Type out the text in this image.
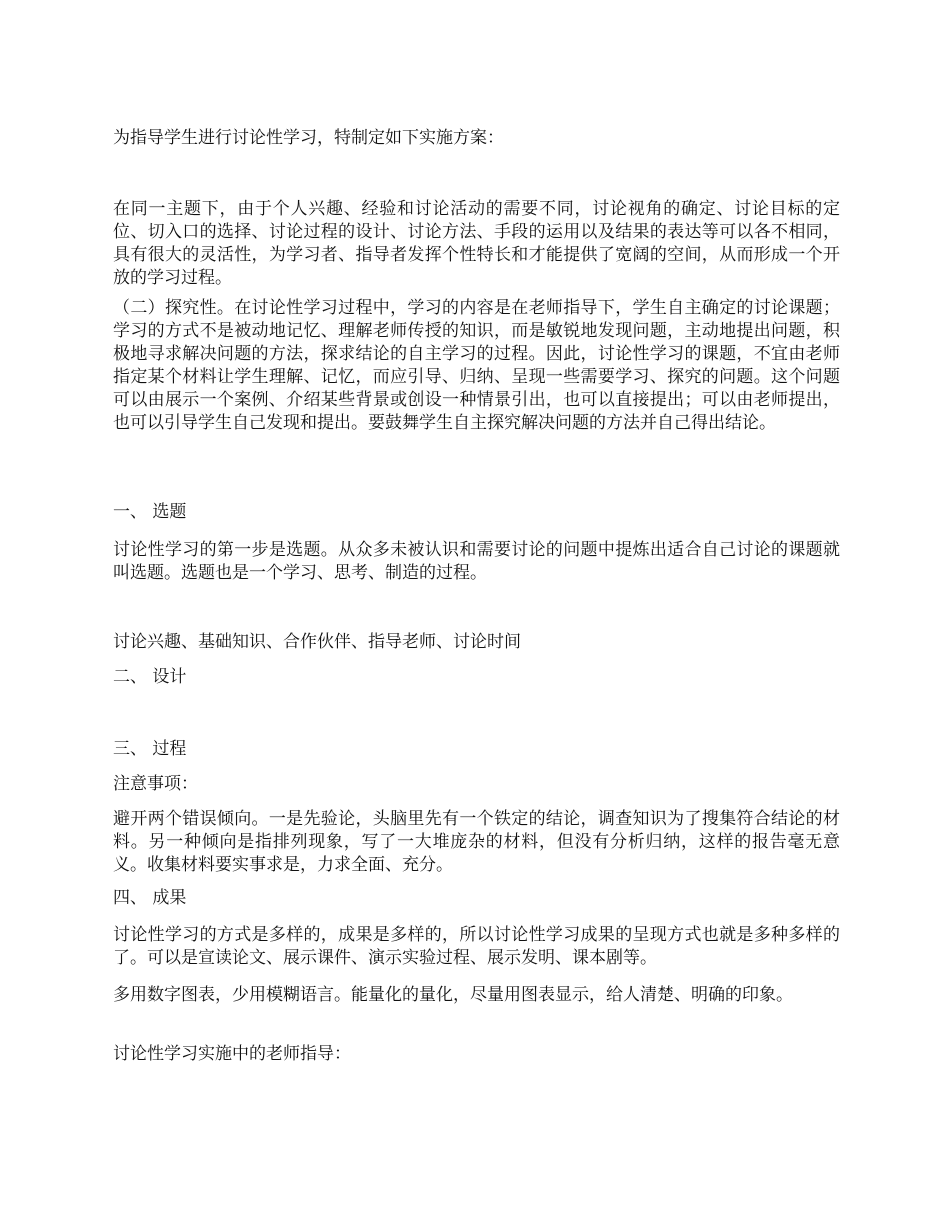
为指导学生进行讨论性学习，特制定如下实施方案：

在同一主题下，由于个人兴趣、经验和讨论活动的需要不同，讨论视角的确定、讨论目标的定位、切入口的选择、讨论过程的设计、讨论方法、手段的运用以及结果的表达等可以各不相同，具有很大的灵活性，为学习者、指导者发挥个性特长和才能提供了宽阔的空间，从而形成一个开放的学习过程。

（二）探究性。在讨论性学习过程中，学习的内容是在老师指导下，学生自主确定的讨论课题；学习的方式不是被动地记忆、理解老师传授的知识，而是敏锐地发现问题，主动地提出问题，积极地寻求解决问题的方法，探求结论的自主学习的过程。因此，讨论性学习的课题，不宜由老师指定某个材料让学生理解、记忆，而应引导、归纳、呈现一些需要学习、探究的问题。这个问题可以由展示一个案例、介绍某些背景或创设一种情景引出，也可以直接提出；可以由老师提出，也可以引导学生自己发现和提出。要鼓舞学生自主探究解决问题的方法并自己得出结论。

一、 选题

讨论性学习的第一步是选题。从众多未被认识和需要讨论的问题中提炼出适合自己讨论的课题就叫选题。选题也是一个学习、思考、制造的过程。

讨论兴趣、基础知识、合作伙伴、指导老师、讨论时间

二、 设计

三、 过程

注意事项：

避开两个错误倾向。一是先验论，头脑里先有一个铁定的结论，调查知识为了搜集符合结论的材料。另一种倾向是指排列现象，写了一大堆庞杂的材料，但没有分析归纳，这样的报告毫无意义。收集材料要实事求是，力求全面、充分。

四、 成果

讨论性学习的方式是多样的，成果是多样的，所以讨论性学习成果的呈现方式也就是多种多样的了。可以是宣读论文、展示课件、演示实验过程、展示发明、课本剧等。

多用数字图表，少用模糊语言。能量化的量化，尽量用图表显示，给人清楚、明确的印象。

讨论性学习实施中的老师指导：
